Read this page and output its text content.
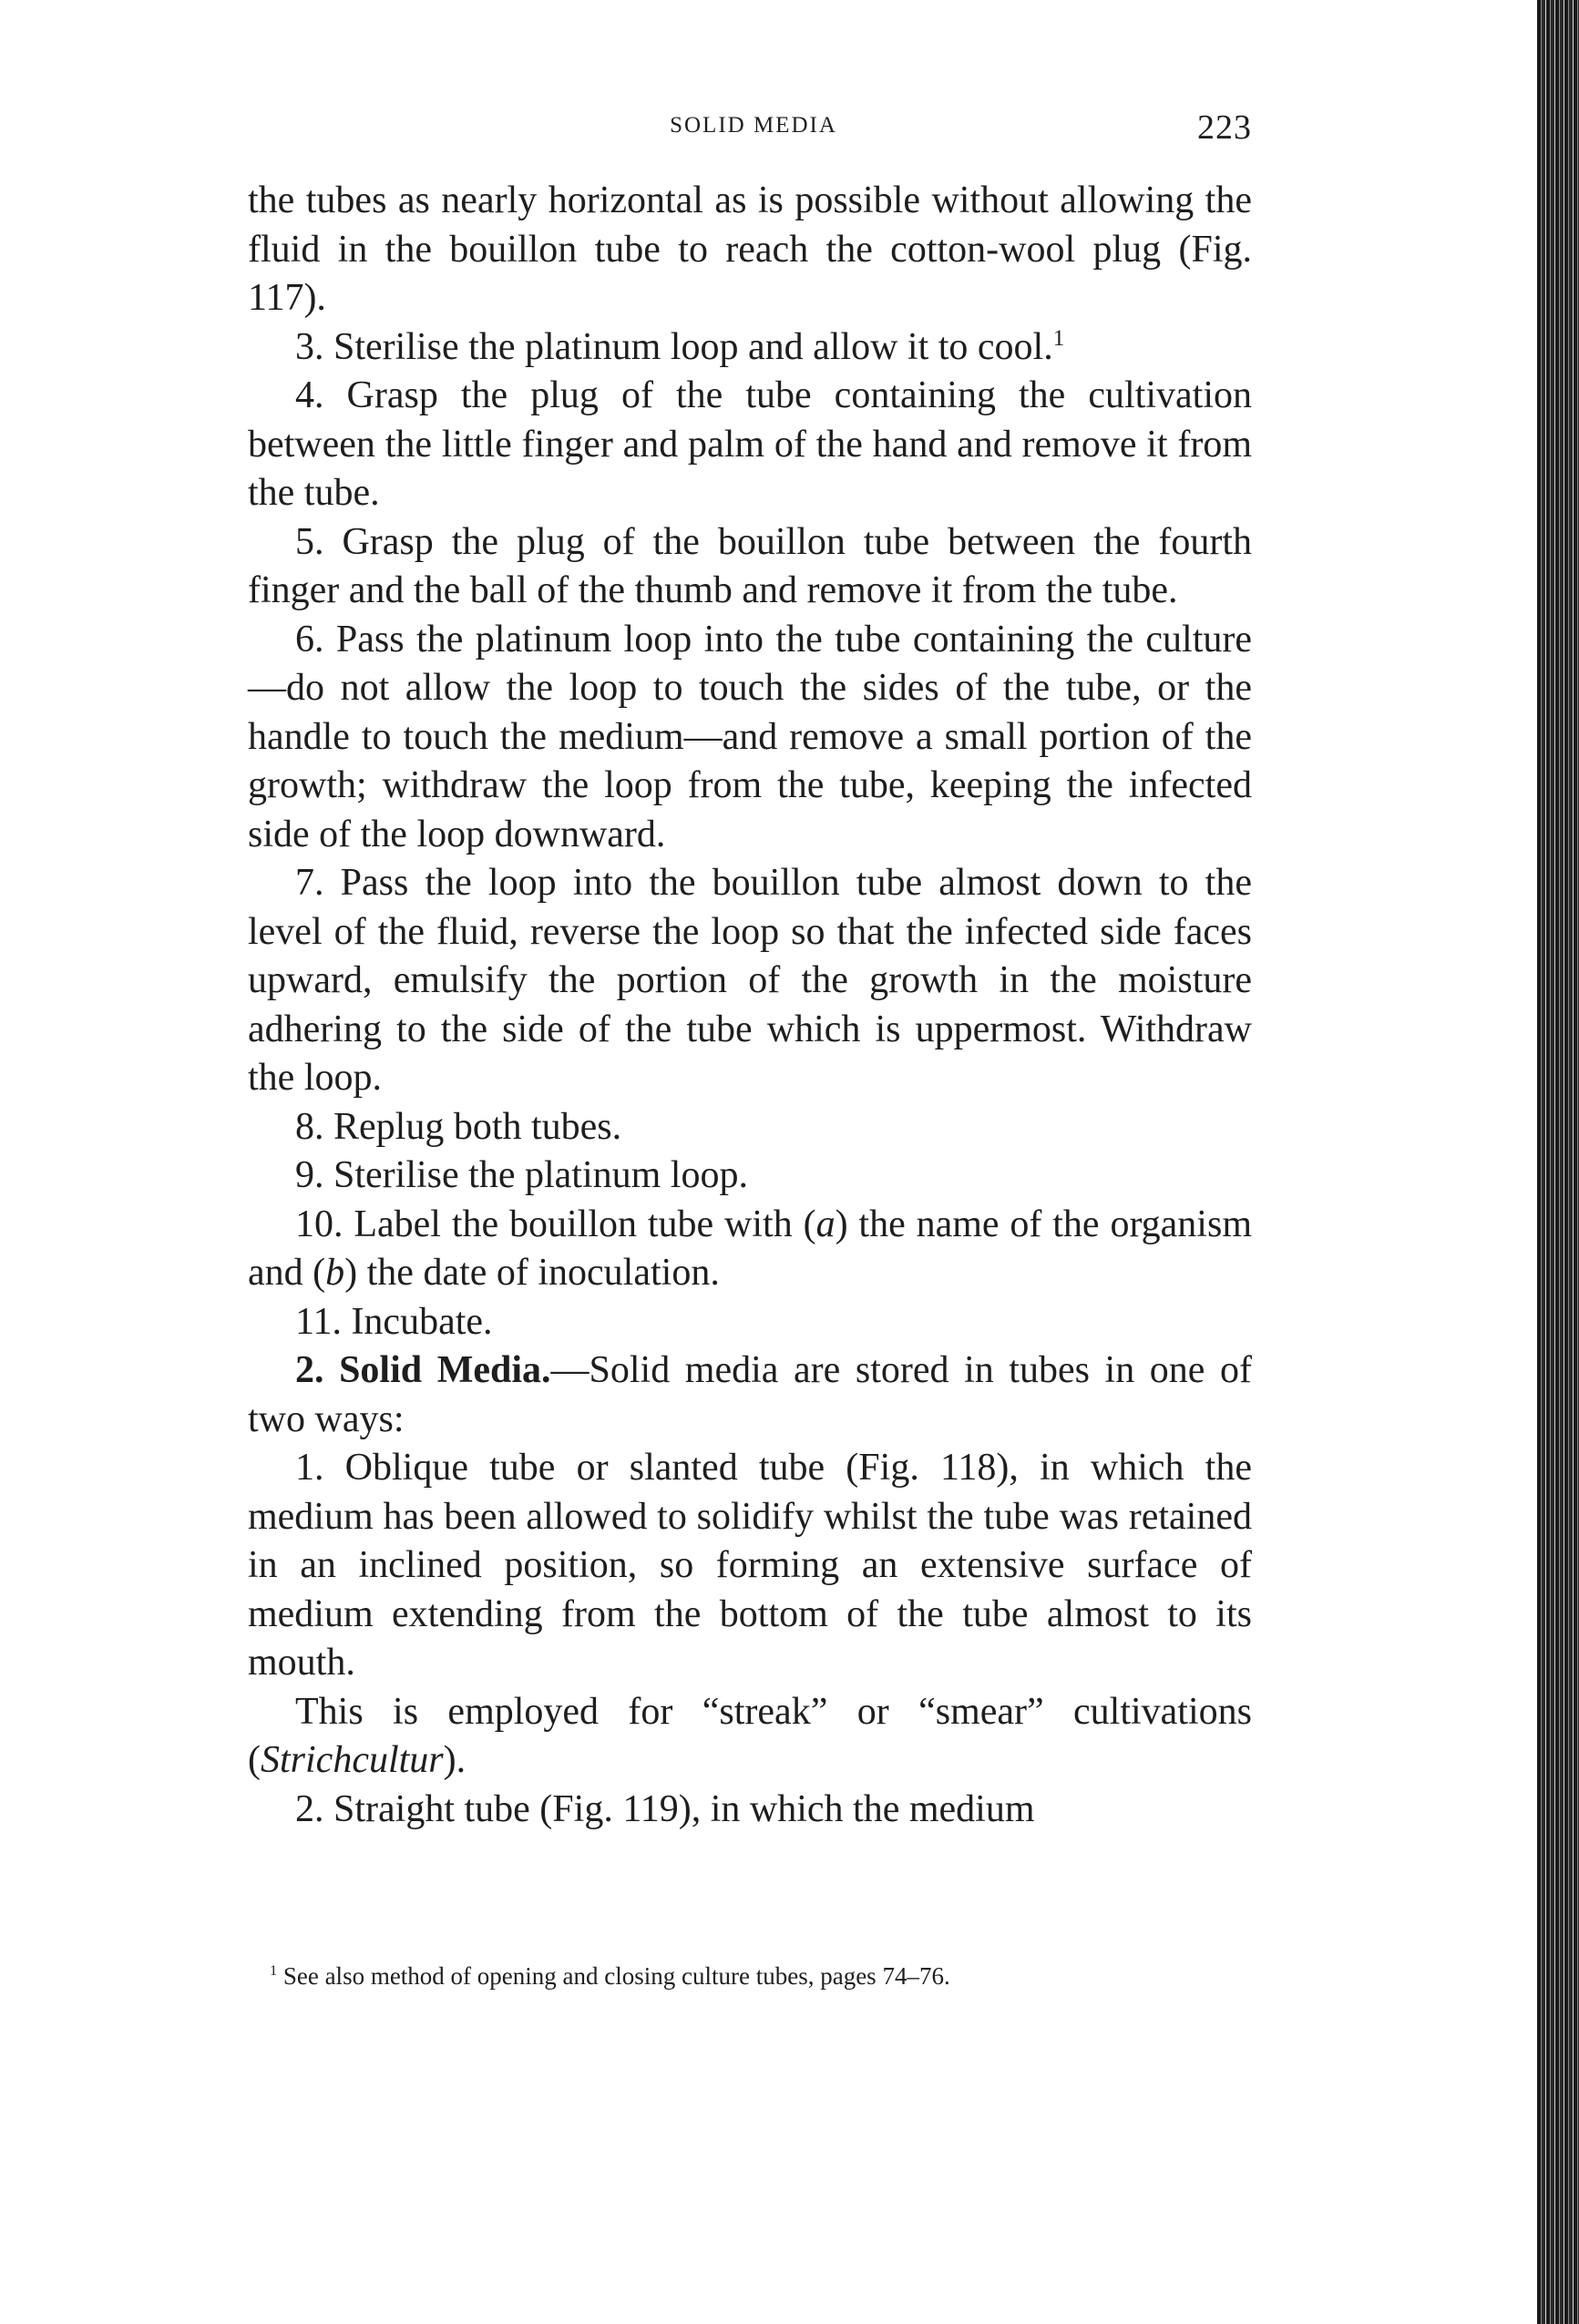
SOLID MEDIA	223

the tubes as nearly horizontal as is possible without allowing the fluid in the bouillon tube to reach the cotton-wool plug (Fig. 117).

3. Sterilise the platinum loop and allow it to cool.$^1$

4. Grasp the plug of the tube containing the cultivation between the little finger and palm of the hand and remove it from the tube.

5. Grasp the plug of the bouillon tube between the fourth finger and the ball of the thumb and remove it from the tube.

6. Pass the platinum loop into the tube containing the culture—do not allow the loop to touch the sides of the tube, or the handle to touch the medium—and remove a small portion of the growth; withdraw the loop from the tube, keeping the infected side of the loop downward.

7. Pass the loop into the bouillon tube almost down to the level of the fluid, reverse the loop so that the infected side faces upward, emulsify the portion of the growth in the moisture adhering to the side of the tube which is uppermost. Withdraw the loop.

8. Replug both tubes.

9. Sterilise the platinum loop.

10. Label the bouillon tube with (a) the name of the organism and (b) the date of inoculation.

11. Incubate.

2. Solid Media.—Solid media are stored in tubes in one of two ways:

1. Oblique tube or slanted tube (Fig. 118), in which the medium has been allowed to solidify whilst the tube was retained in an inclined position, so forming an extensive surface of medium extending from the bottom of the tube almost to its mouth.

This is employed for “streak” or “smear” cultivations (Strichcultur).

2. Straight tube (Fig. 119), in which the medium

$^1$ See also method of opening and closing culture tubes, pages 74–76.
